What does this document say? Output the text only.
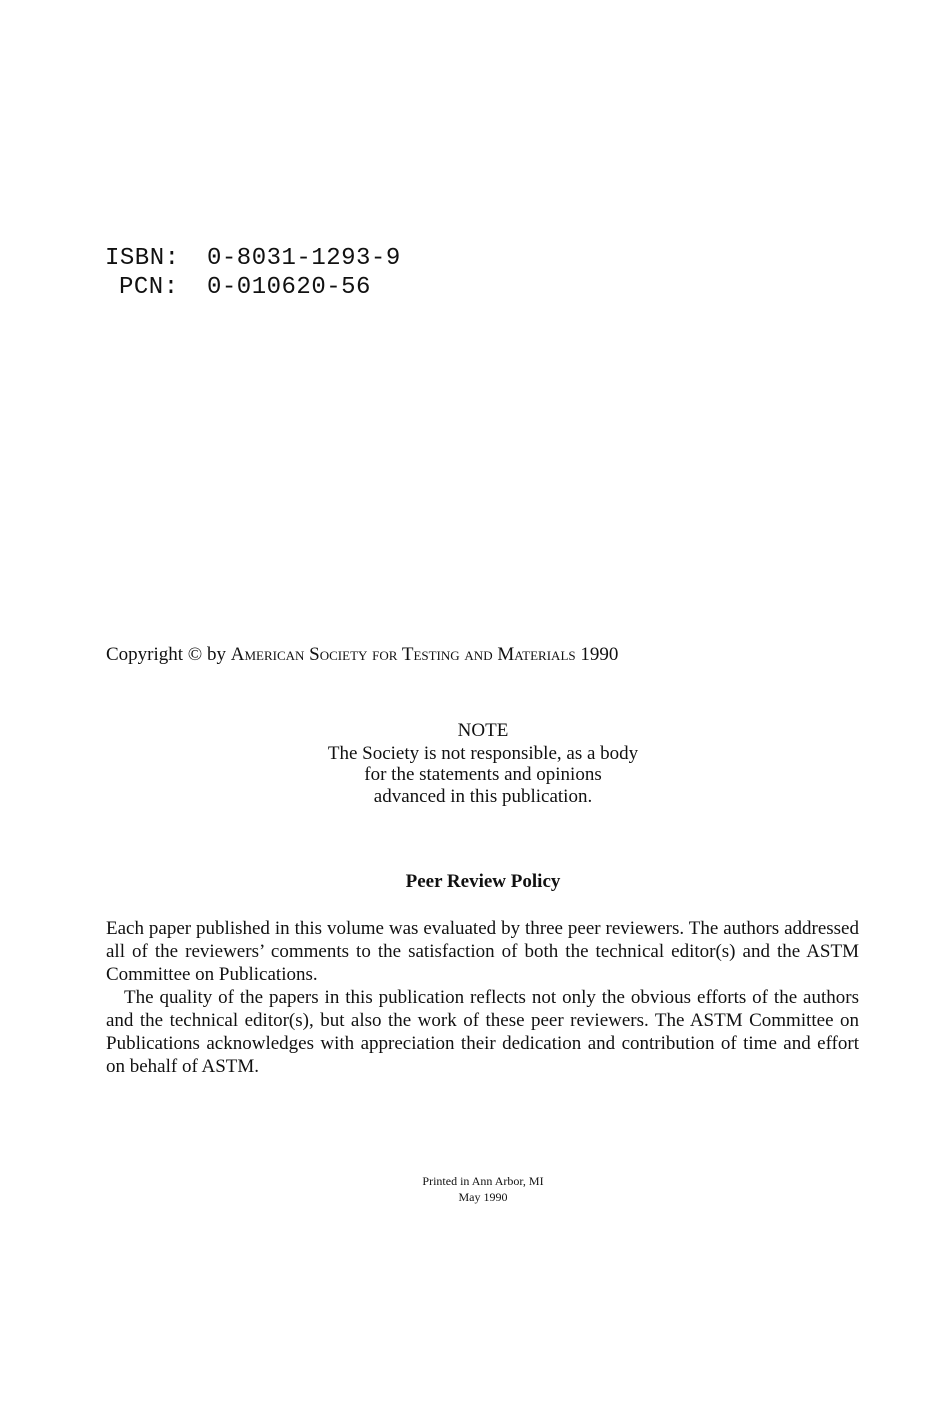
ISBN:	0-8031-1293-9
PCN:	0-010620-56
Copyright © by American Society for Testing and Materials 1990
NOTE
The Society is not responsible, as a body
for the statements and opinions
advanced in this publication.
Peer Review Policy

Each paper published in this volume was evaluated by three peer reviewers. The authors addressed all of the reviewers’ comments to the satisfaction of both the technical editor(s) and the ASTM Committee on Publications.

The quality of the papers in this publication reflects not only the obvious efforts of the authors and the technical editor(s), but also the work of these peer reviewers. The ASTM Committee on Publications acknowledges with appreciation their dedication and contribution of time and effort on behalf of ASTM.

Printed in Ann Arbor, MI
May 1990
